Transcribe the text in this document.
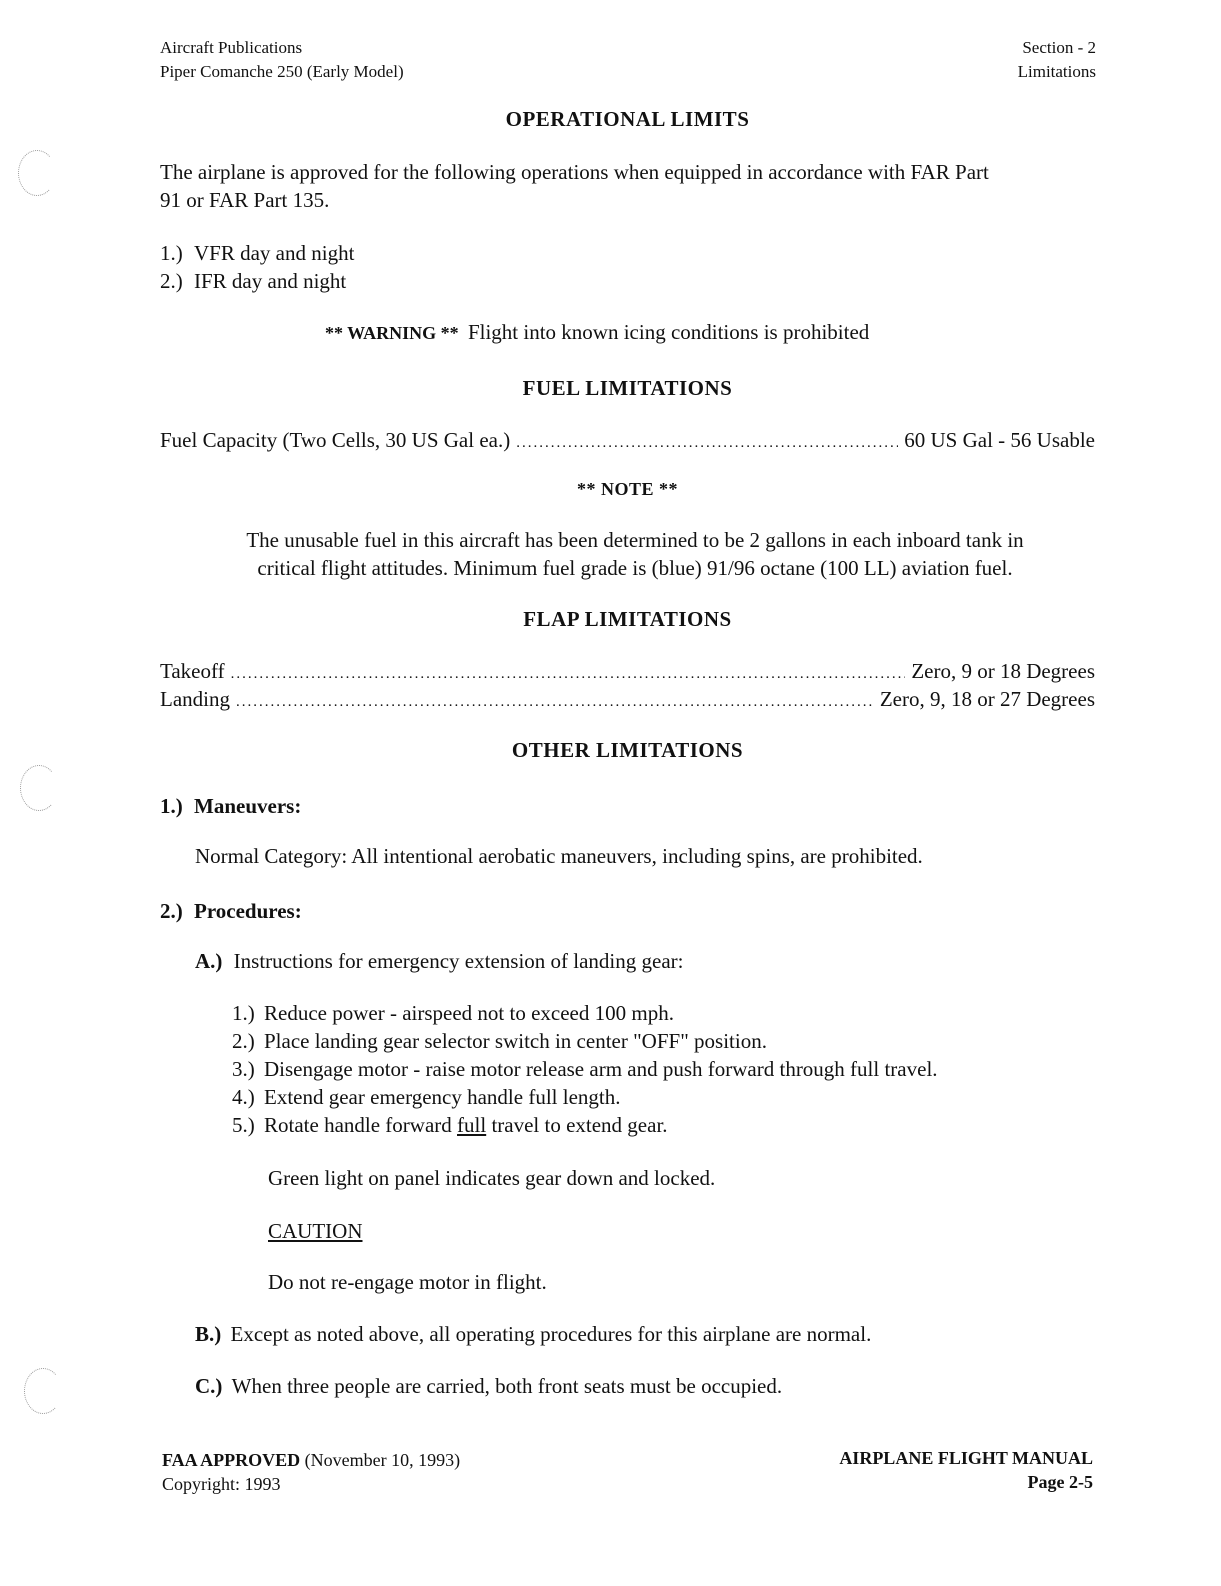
Aircraft Publications
Piper Comanche 250 (Early Model)
Section - 2
Limitations
OPERATIONAL LIMITS
The airplane is approved for the following operations when equipped in accordance with FAR Part
91 or FAR Part 135.
1.) VFR day and night
2.) IFR day and night
** WARNING ** Flight into known icing conditions is prohibited
FUEL LIMITATIONS
Fuel Capacity (Two Cells, 30 US Gal ea.) .....	60 US Gal - 56 Usable
** NOTE **
The unusable fuel in this aircraft has been determined to be 2 gallons in each inboard tank in
critical flight attitudes. Minimum fuel grade is (blue) 91/96 octane (100 LL) aviation fuel.
FLAP LIMITATIONS
Takeoff .....	Zero, 9 or 18 Degrees
Landing .....	Zero, 9, 18 or 27 Degrees
OTHER LIMITATIONS
1.) Maneuvers:
Normal Category: All intentional aerobatic maneuvers, including spins, are prohibited.
2.) Procedures:
A.) Instructions for emergency extension of landing gear:
1.) Reduce power - airspeed not to exceed 100 mph.
2.) Place landing gear selector switch in center "OFF" position.
3.) Disengage motor - raise motor release arm and push forward through full travel.
4.) Extend gear emergency handle full length.
5.) Rotate handle forward full travel to extend gear.
Green light on panel indicates gear down and locked.
CAUTION
Do not re-engage motor in flight.
B.) Except as noted above, all operating procedures for this airplane are normal.
C.) When three people are carried, both front seats must be occupied.
FAA APPROVED (November 10, 1993)
Copyright: 1993
AIRPLANE FLIGHT MANUAL
Page 2-5
